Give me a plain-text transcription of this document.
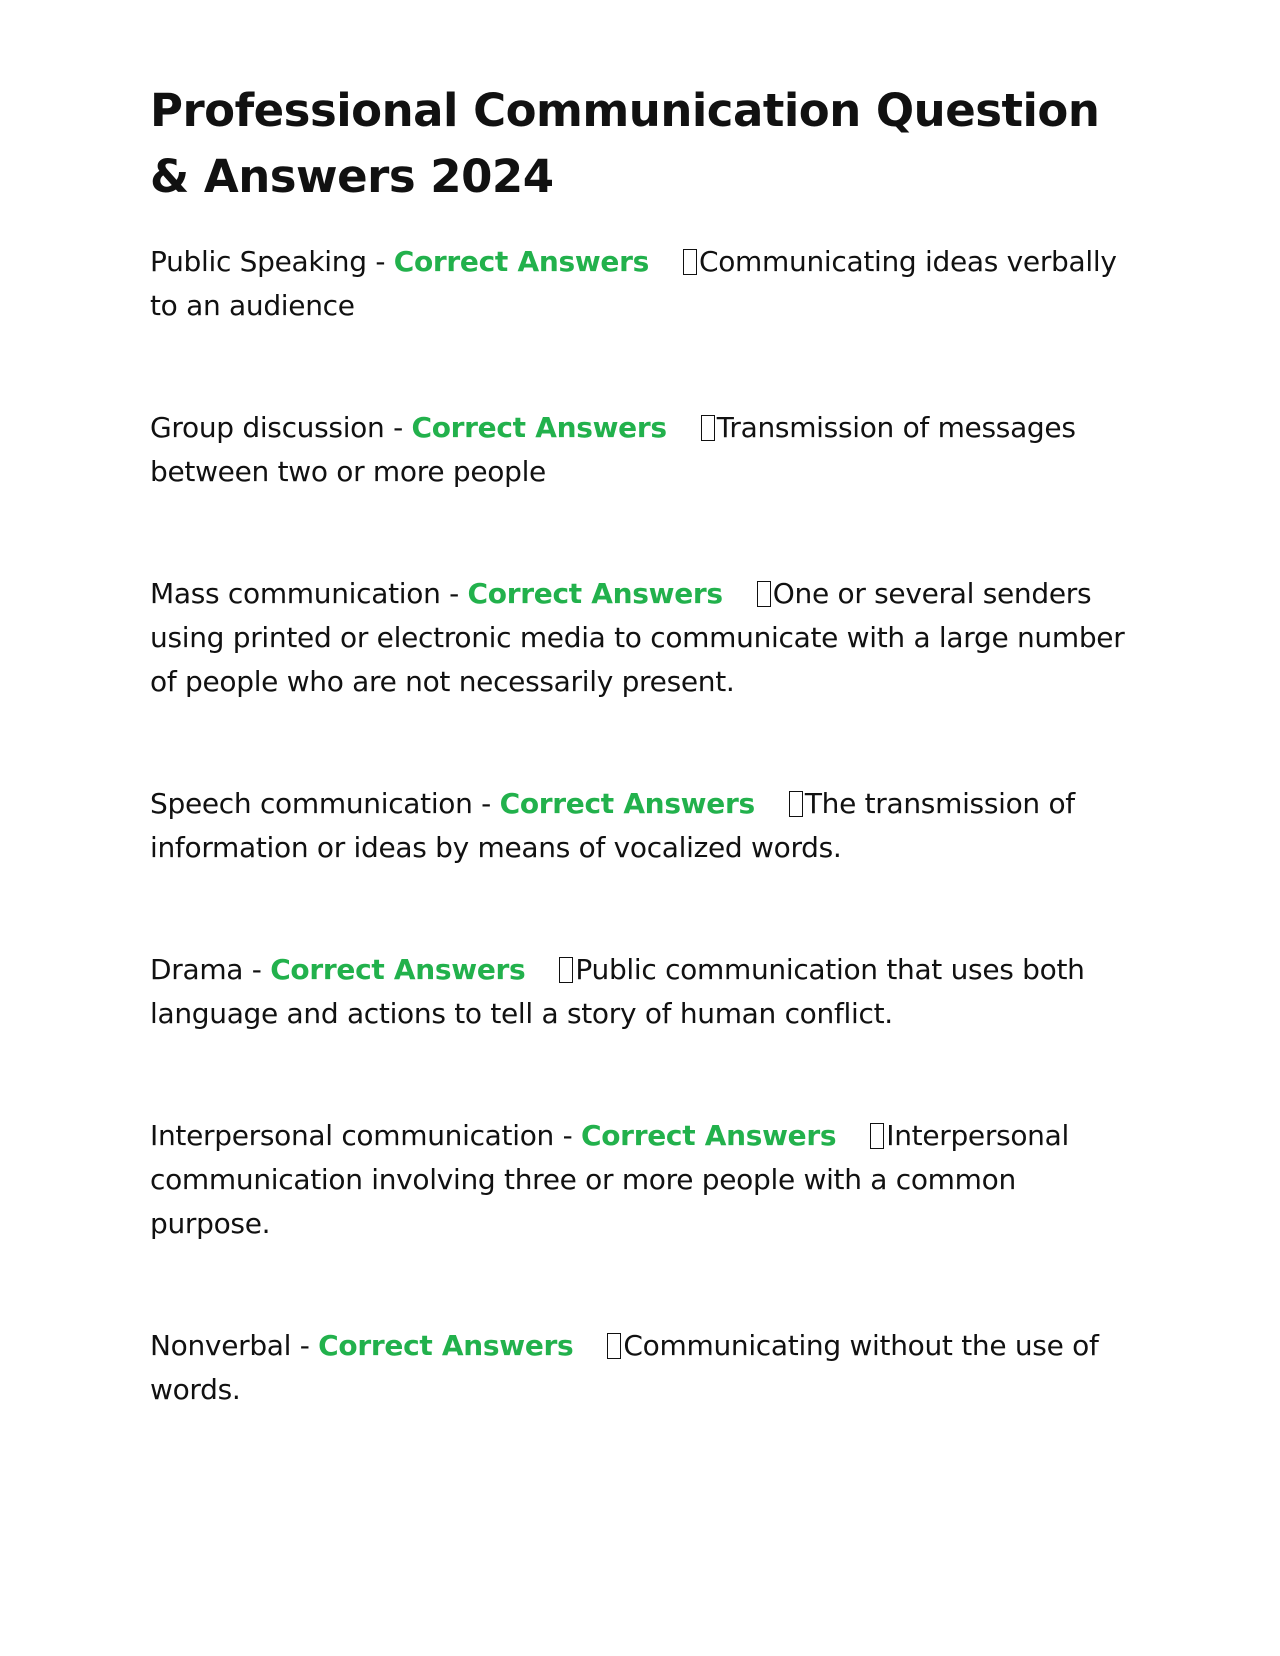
Professional Communication Question & Answers 2024

Public Speaking - Correct Answers Communicating ideas verbally to an audience

Group discussion - Correct Answers Transmission of messages between two or more people

Mass communication - Correct Answers One or several senders using printed or electronic media to communicate with a large number of people who are not necessarily present.

Speech communication - Correct Answers The transmission of information or ideas by means of vocalized words.

Drama - Correct Answers Public communication that uses both language and actions to tell a story of human conflict.

Interpersonal communication - Correct Answers Interpersonal communication involving three or more people with a common purpose.

Nonverbal - Correct Answers Communicating without the use of words.
